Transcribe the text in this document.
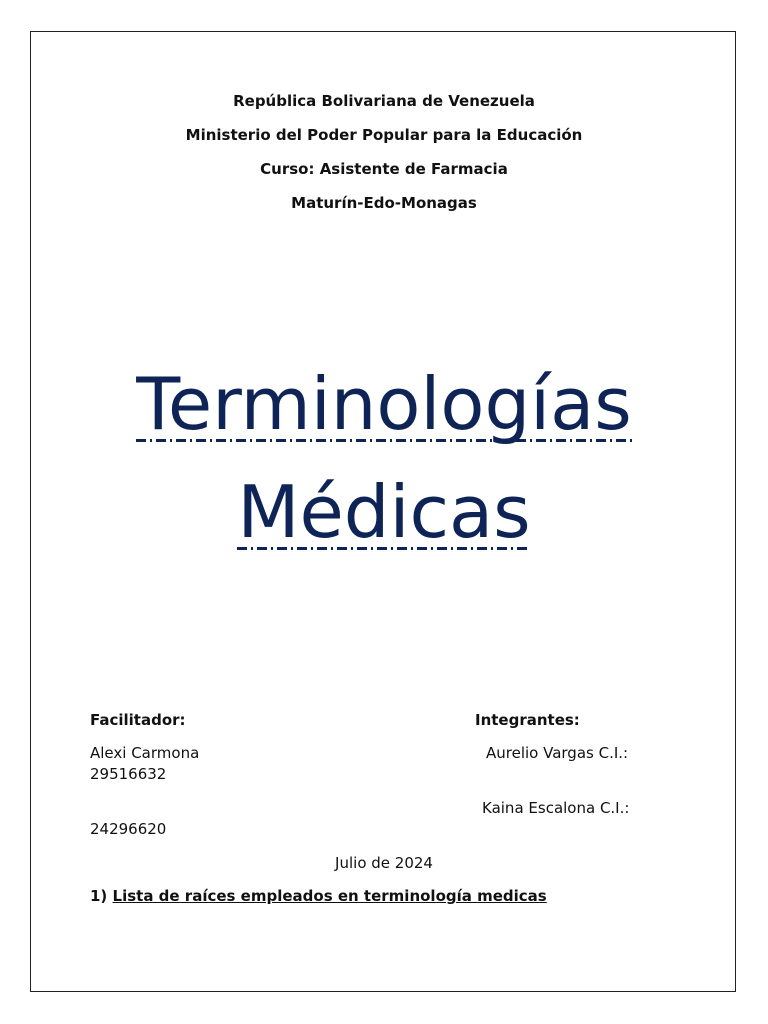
República Bolivariana de Venezuela
Ministerio del Poder Popular para la Educación
Curso: Asistente de Farmacia
Maturín-Edo-Monagas
Terminologías
Médicas
Facilitador:
Alexi Carmona
29516632
Integrantes:
Aurelio Vargas C.I.:
Kaina Escalona C.I.:
24296620
Julio de 2024
1) Lista de raíces empleados en terminología medicas
